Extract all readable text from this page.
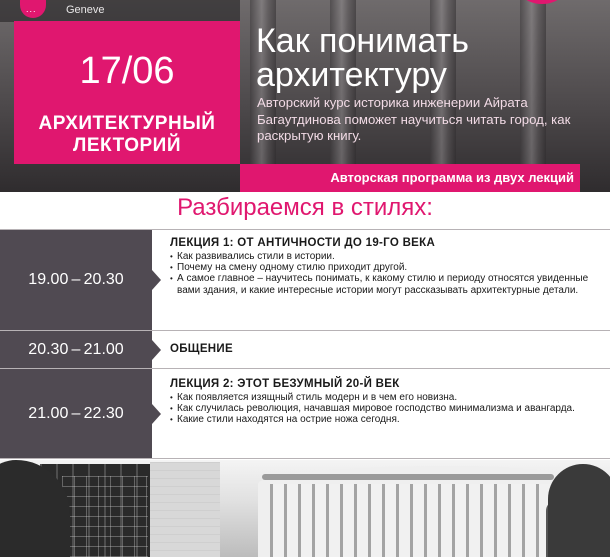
...	Geneve
17/06
АРХИТЕКТУРНЫЙ
ЛЕКТОРИЙ
Как понимать
архитектуру
Авторский курс историка инженерии Айрата Багаутдинова поможет научиться читать город, как раскрытую книгу.
Авторская программа из двух лекций
Разбираемся в стилях:
19.00 – 20.30
ЛЕКЦИЯ 1: ОТ АНТИЧНОСТИ ДО 19-ГО ВЕКА
• Как развивались стили в истории.
• Почему на смену одному стилю приходит другой.
• А самое главное – научитесь понимать, к какому стилю и периоду относятся увиденные вами здания, и какие интересные истории могут рассказывать архитектурные детали.
20.30 – 21.00	ОБЩЕНИЕ
21.00 – 22.30
ЛЕКЦИЯ 2: ЭТОТ БЕЗУМНЫЙ 20-Й ВЕК
• Как появляется изящный стиль модерн и в чем его новизна.
• Как случилась революция, начавшая мировое господство минимализма и авангарда.
• Какие стили находятся на острие ножа сегодня.
